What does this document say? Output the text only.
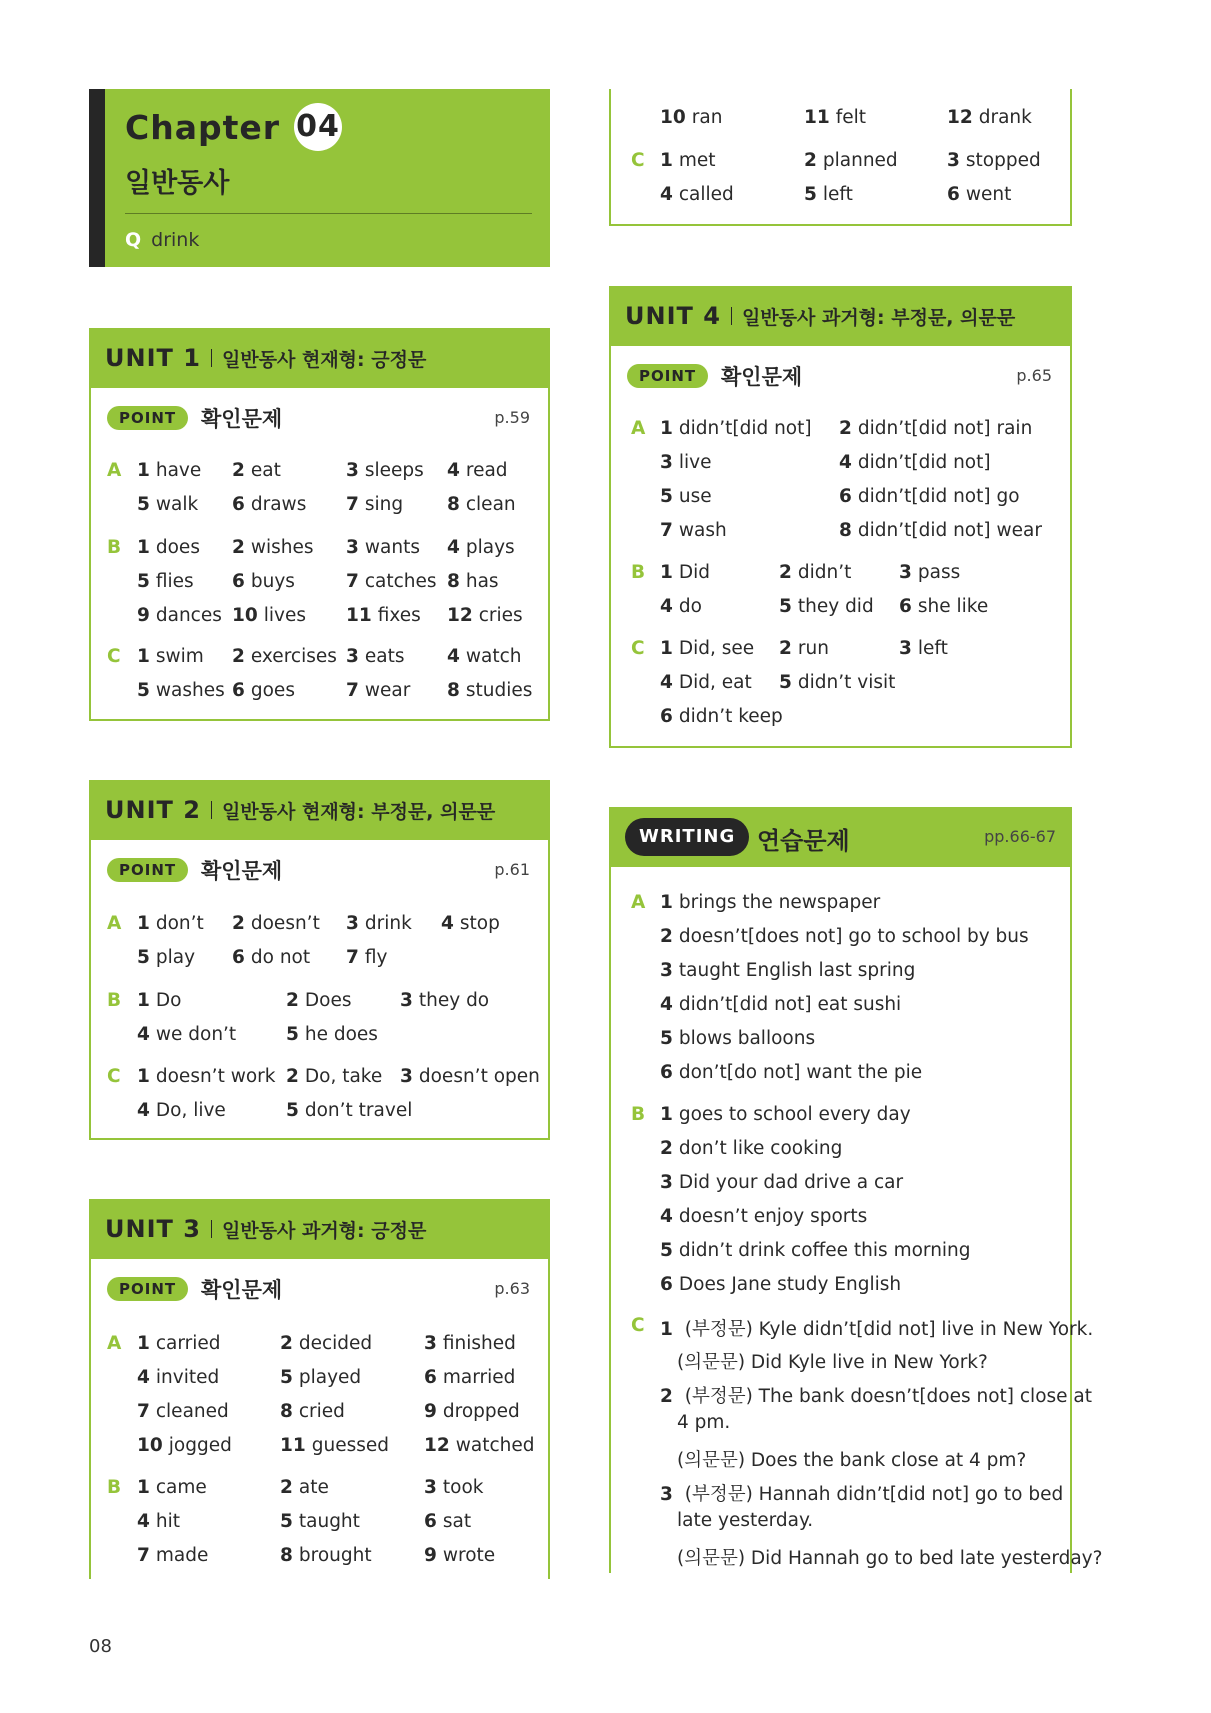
Chapter 04
일반동사
Q drink
UNIT 1 일반동사 현재형: 긍정문
POINT	확인문제	p.59
A 1 have 2 eat	3 sleeps 4 read
5 walk 6 draws 7 sing 8 clean
B 1 does 2 wishes 3 wants 4 plays
5 flies 6 buys	7 catches 8 has
9 dances 10 lives 11 fixes 12 cries
C 1 swim 2 exercises 3 eats 4 watch
5 washes 6 goes	7 wear 8 studies
UNIT 2 일반동사 현재형: 부정문, 의문문
POINT	확인문제	p.61
A 1 don’t 2 doesn’t 3 drink 4 stop
5 play 6 do not 7 fly
B 1 Do	2 Does	3 they do
4 we don’t	5 he does
C 1 doesn’t work 2 Do, take 3 doesn’t open
4 Do, live	5 don’t travel
UNIT 3 일반동사 과거형: 긍정문
POINT	확인문제	p.63
A 1 carried	2 decided	3 finished
4 invited	5 played	6 married
7 cleaned	8 cried	9 dropped
10 jogged	11 guessed 12 watched
B 1 came	2 ate	3 took
4 hit	5 taught	6 sat
7 made	8 brought	9 wrote
10 ran	11 felt	12 drank
C 1 met	2 planned	3 stopped
4 called	5 left	6 went
UNIT 4 일반동사 과거형: 부정문, 의문문
POINT	확인문제	p.65
A 1 didn’t[did not] 2 didn’t[did not] rain
3 live	4 didn’t[did not]
5 use	6 didn’t[did not] go
7 wash	8 didn’t[did not] wear
B 1 Did	2 didn’t	3 pass
4 do	5 they did 6 she like
C 1 Did, see 2 run	3 left
4 Did, eat 5 didn’t visit
6 didn’t keep
WRITING 연습문제	pp.66-67
A 1 brings the newspaper
2 doesn’t[does not] go to school by bus
3 taught English last spring
4 didn’t[did not] eat sushi
5 blows balloons
6 don’t[do not] want the pie
B 1 goes to school every day
2 don’t like cooking
3 Did your dad drive a car
4 doesn’t enjoy sports
5 didn’t drink coffee this morning
6 Does Jane study English
C 1 (부정문) Kyle didn’t[did not] live in New York.
(의문문) Did Kyle live in New York?
2 (부정문) The bank doesn’t[does not] close at
4 pm.
(의문문) Does the bank close at 4 pm?
3 (부정문) Hannah didn’t[did not] go to bed
late yesterday.
(의문문) Did Hannah go to bed late yesterday?
08
